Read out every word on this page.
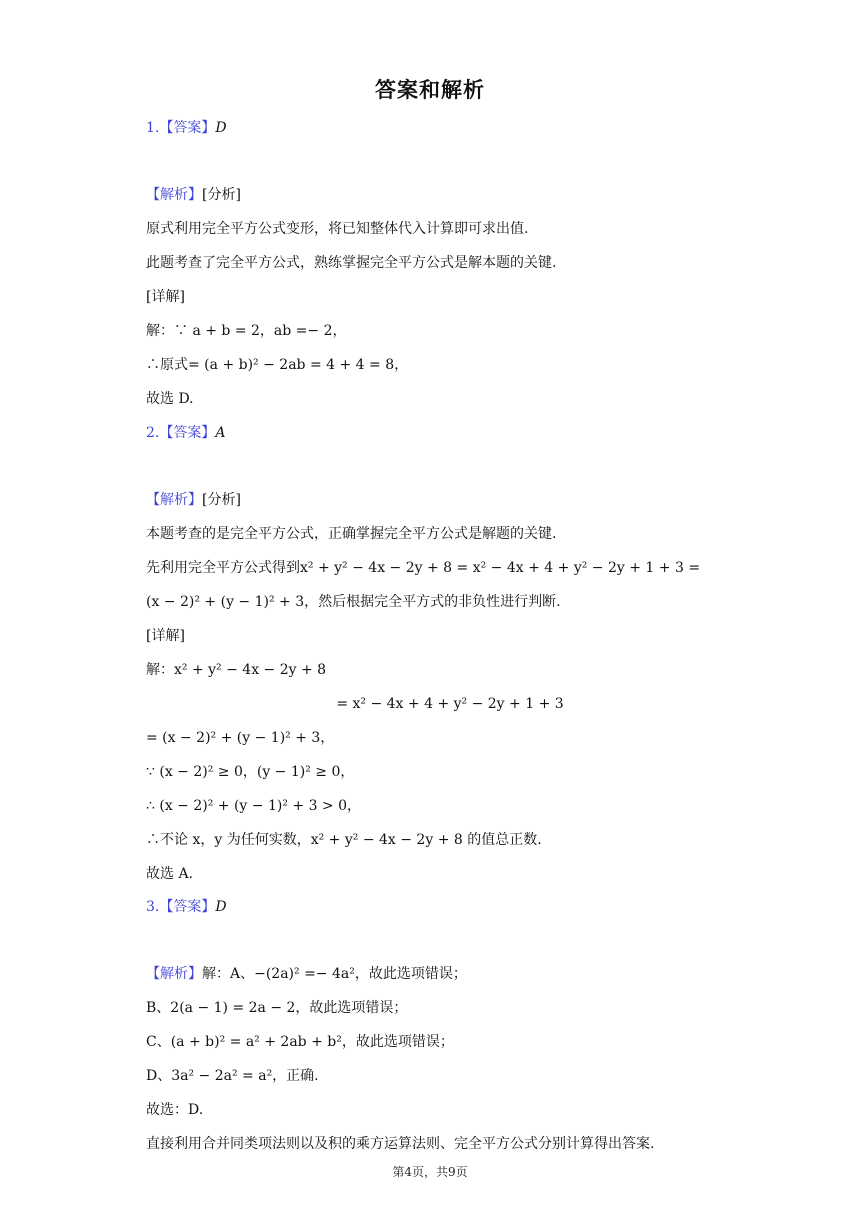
答案和解析
1.【答案】D
【解析】[分析]
原式利用完全平方公式变形，将已知整体代入计算即可求出值.
此题考查了完全平方公式，熟练掌握完全平方公式是解本题的关键.
[详解]
解：∵ a + b = 2，ab =− 2，
∴原式= (a + b)² − 2ab = 4 + 4 = 8，
故选 D.
2.【答案】A
【解析】[分析]
本题考查的是完全平方公式，正确掌握完全平方公式是解题的关键.
先利用完全平方公式得到x² + y² − 4x − 2y + 8 = x² − 4x + 4 + y² − 2y + 1 + 3 =
(x − 2)² + (y − 1)² + 3，然后根据完全平方式的非负性进行判断.
[详解]
解：x² + y² − 4x − 2y + 8
= x² − 4x + 4 + y² − 2y + 1 + 3
= (x − 2)² + (y − 1)² + 3，
∵ (x − 2)² ≥ 0，(y − 1)² ≥ 0，
∴ (x − 2)² + (y − 1)² + 3 > 0，
∴不论 x，y 为任何实数，x² + y² − 4x − 2y + 8 的值总正数.
故选 A.
3.【答案】D
【解析】解：A、−(2a)² =− 4a²，故此选项错误；
B、2(a − 1) = 2a − 2，故此选项错误；
C、(a + b)² = a² + 2ab + b²，故此选项错误；
D、3a² − 2a² = a²，正确.
故选：D.
直接利用合并同类项法则以及积的乘方运算法则、完全平方公式分别计算得出答案.
第4页，共9页
